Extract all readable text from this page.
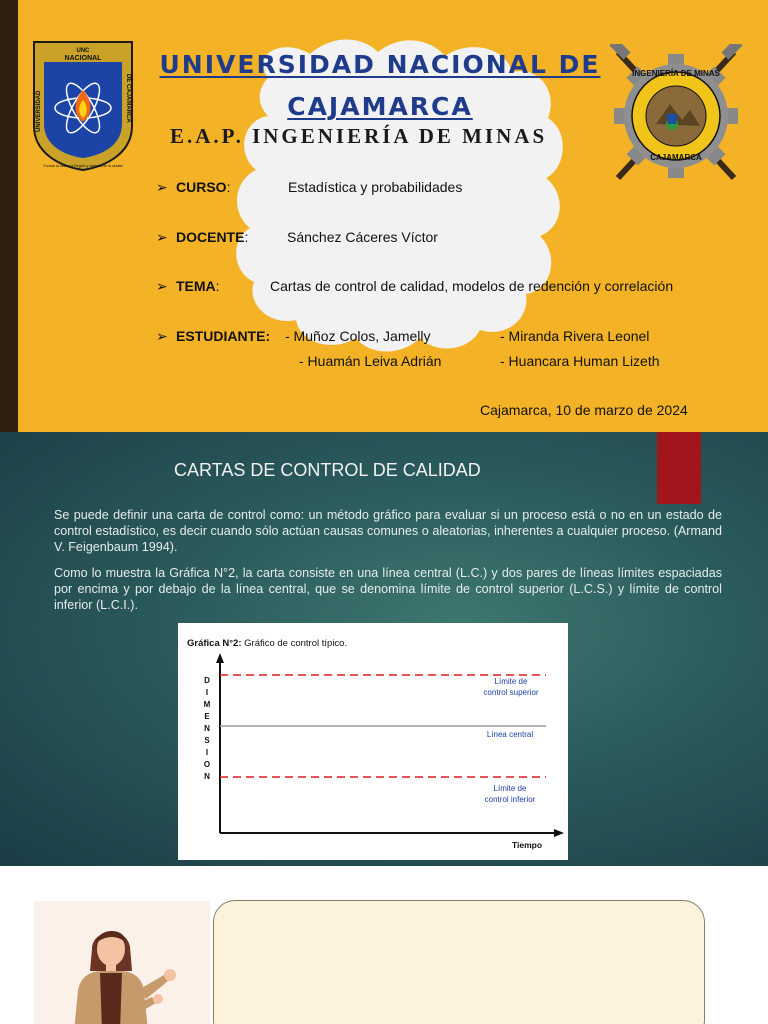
UNC
NACIONAL
UNIVERSIDAD	DE CAJAMARCA
Formar la vida a la Región y defensa de la ciudad
INGENIERÍA DE MINAS
CAJAMARCA
UNIVERSIDAD NACIONAL DE
CAJAMARCA
E.A.P. INGENIERÍA DE MINAS
➢ CURSO:	Estadística y probabilidades
➢ DOCENTE:	Sánchez Cáceres Víctor
➢ TEMA:	Cartas de control de calidad, modelos de redención y correlación
➢ ESTUDIANTE: - Muñoz Colos, Jamelly	- Miranda Rivera Leonel
- Huamán Leiva Adrián	- Huancara Human Lizeth
Cajamarca, 10 de marzo de 2024
CARTAS DE CONTROL DE CALIDAD
Se puede definir una carta de control como: un método gráfico para evaluar si un proceso está o no en un estado de control estadístico, es decir cuando sólo actúan causas comunes o aleatorias, inherentes a cualquier proceso. (Armand V. Feigenbaum 1994).
Como lo muestra la Gráfica N°2, la carta consiste en una línea central (L.C.) y dos pares de líneas límites espaciadas por encima y por debajo de la línea central, que se denomina límite de control superior (L.C.S.) y límite de control inferior (L.C.I.).
Gráfica N°2: Gráfico de control típico.
D
I
M
E
N
S
I
O
N
Límite de
control superior
Línea central
Límite de
control inferior
Tiempo
